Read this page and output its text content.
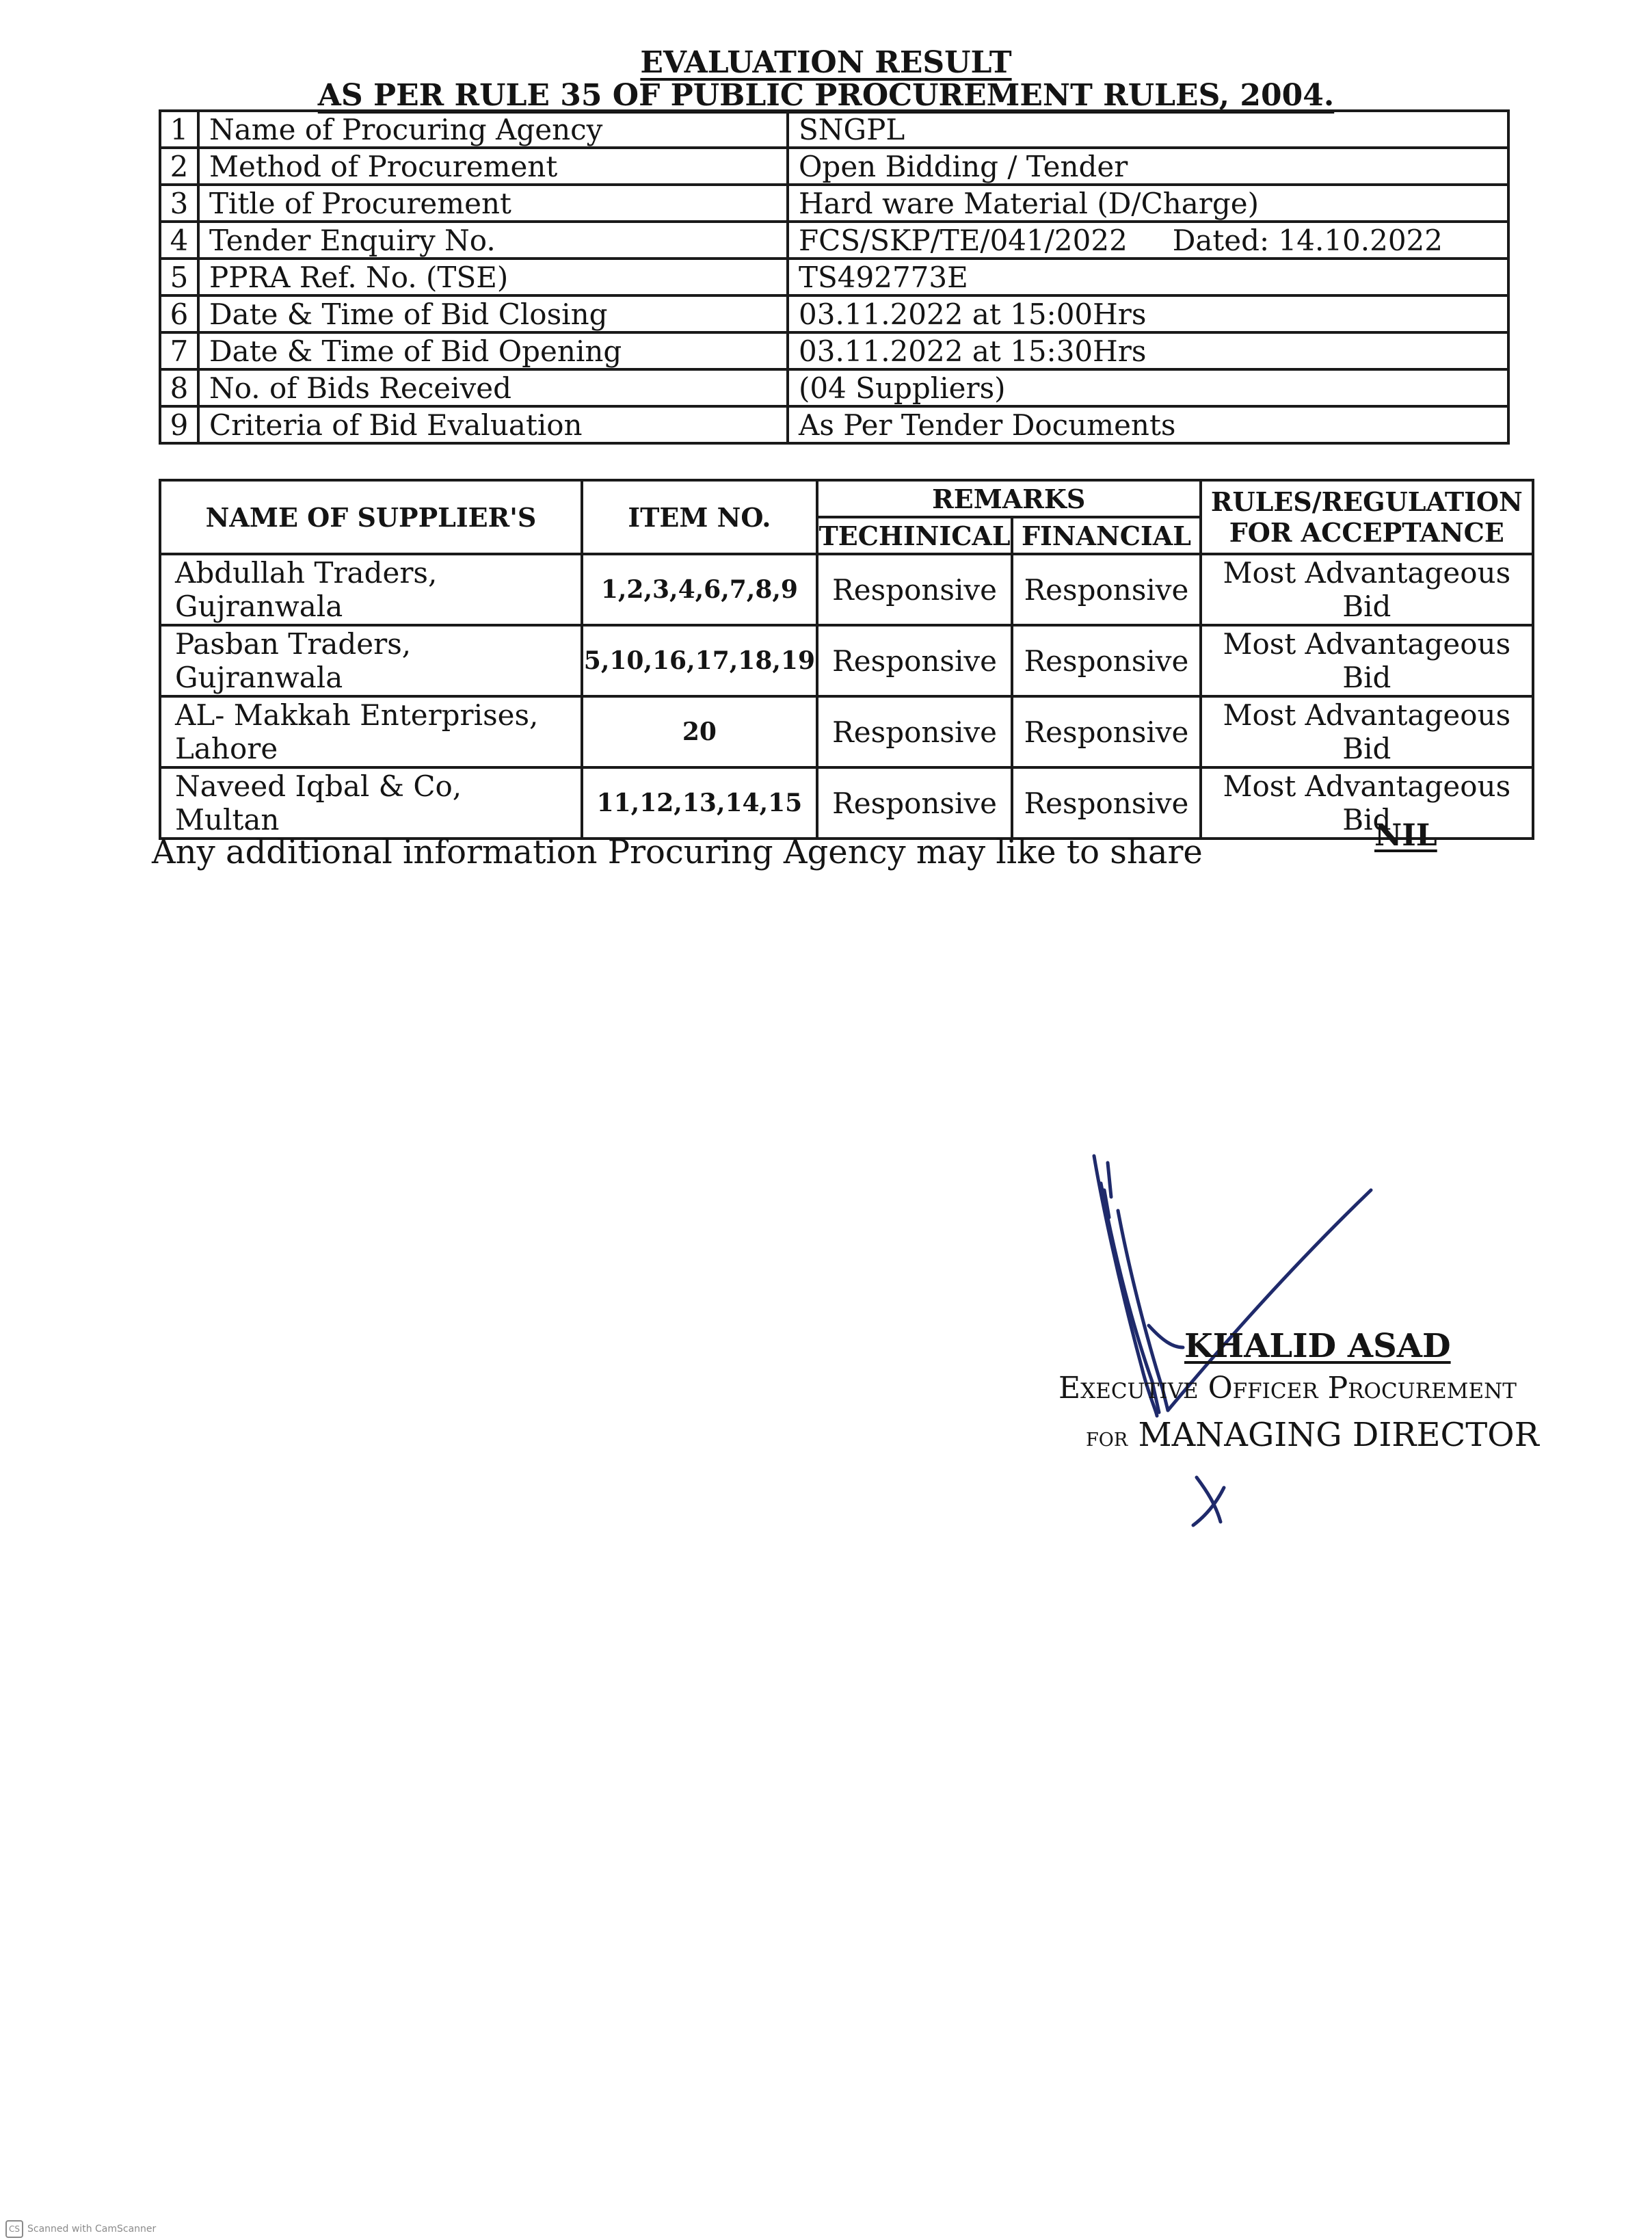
EVALUATION RESULT
AS PER RULE 35 OF PUBLIC PROCUREMENT RULES, 2004.
1	Name of Procuring Agency	SNGPL
2	Method of Procurement	Open Bidding / Tender
3	Title of Procurement	Hard ware Material (D/Charge)
4	Tender Enquiry No.	FCS/SKP/TE/041/2022 Dated: 14.10.2022

5	PPRA Ref. No. (TSE)	TS492773E
6	Date & Time of Bid Closing	03.11.2022 at 15:00Hrs
7	Date & Time of Bid Opening	03.11.2022 at 15:30Hrs
8	No. of Bids Received	(04 Suppliers)
9	Criteria of Bid Evaluation	As Per Tender Documents
NAME OF SUPPLIER'S	ITEM NO.	REMARKS		RULES/REGULATION
FOR ACCEPTANCE

		TECHINICAL	FINANCIAL	
Abdullah Traders, Gujranwala	1,2,3,4,6,7,8,9	Responsive	Responsive	Most Advantageous Bid
Pasban Traders, Gujranwala	5,10,16,17,18,19	Responsive	Responsive	Most Advantageous Bid
AL- Makkah Enterprises, Lahore	20	Responsive	Responsive	Most Advantageous Bid
Naveed Iqbal & Co, Multan	11,12,13,14,15	Responsive	Responsive	Most Advantageous Bid
Any additional information Procuring Agency may like to share	NIL
KHALID ASAD
Executive Officer Procurement
for MANAGING DIRECTOR
CS Scanned with CamScanner
